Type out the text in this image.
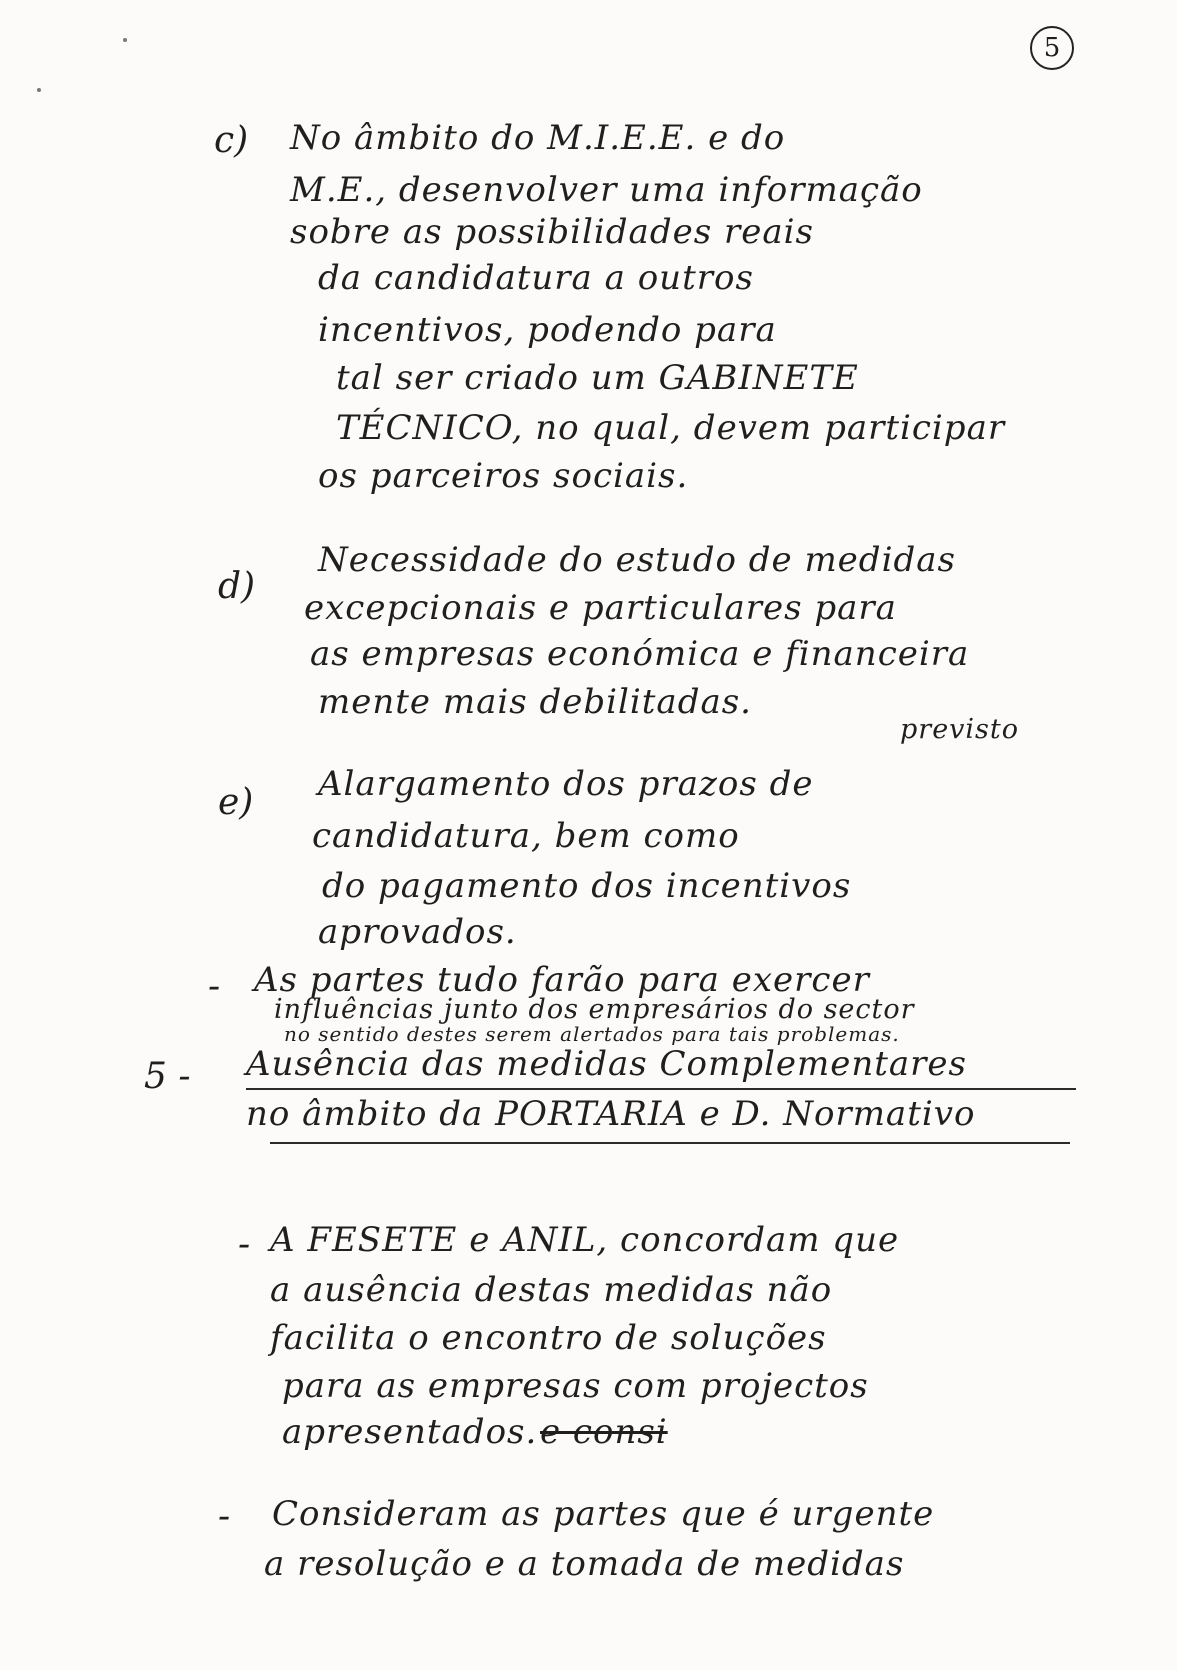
5
c) No âmbito do M.I.E.E. e do
M.E., desenvolver uma informação
sobre as possibilidades reais
da candidatura a outros
incentivos, podendo para
tal ser criado um GABINETE
TÉCNICO, no qual, devem participar
os parceiros sociais.
d)
Necessidade do estudo de medidas
excepcionais e particulares para
as empresas económica e financeira
mente mais debilitadas.
previsto
e) Alargamento dos prazos de
candidatura, bem como
do pagamento dos incentivos
aprovados.
- As partes tudo farão para exercer
influências junto dos empresários do sector
no sentido destes serem alertados para tais problemas.
5 - Ausência das medidas Complementares
no âmbito da PORTARIA e D. Normativo
- A FESETE e ANIL, concordam que
a ausência destas medidas não
facilita o encontro de soluções
para as empresas com projectos
apresentados. e consi
- Consideram as partes que é urgente
a resolução e a tomada de medidas
